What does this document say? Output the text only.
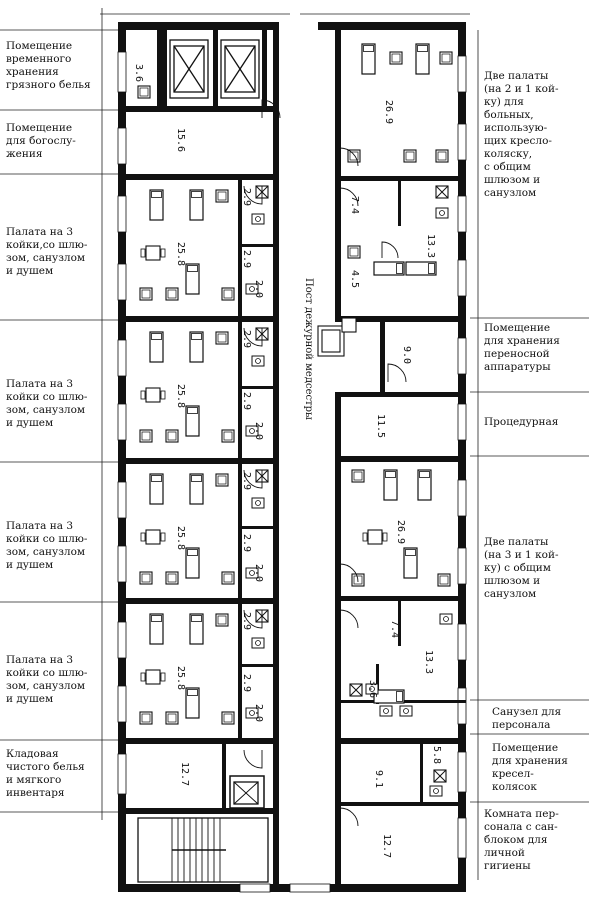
3.6
15.6
25.8
2.9
2.9
2.0
25.8
2.9
2.9
2.0
25.8
2.9
2.9
2.0
25.8
2.9
2.9
2.0
12.7
26.9
7.4
13.3
4.5
9.0
11.5
26.9
7.4
13.3
3.6
9.1
5.8
12.7
Пост дежурной медсестры
Помещение
временного
хранения
грязного белья
Помещение
для богослу-
жения
Палата на 3
койки,со шлю-
зом, санузлом
и душем
Палата на 3
койки со шлю-
зом, санузлом
и душем
Палата на 3
койки со шлю-
зом, санузлом
и душем
Палата на 3
койки со шлю-
зом, санузлом
и душем
Кладовая
чистого белья
и мягкого
инвентаря
Две палаты
(на 2 и 1 кой-
ку) для
больных,
использую-
щих кресло-
коляску,
с общим
шлюзом и
санузлом
Помещение
для хранения
переносной
аппаратуры
Процедурная
Две палаты
(на 3 и 1 кой-
ку) с общим
шлюзом и
санузлом
Санузел для
персонала
Помещение
для хранения
кресел-
колясок
Комната пер-
сонала с сан-
блоком для
личной
гигиены
